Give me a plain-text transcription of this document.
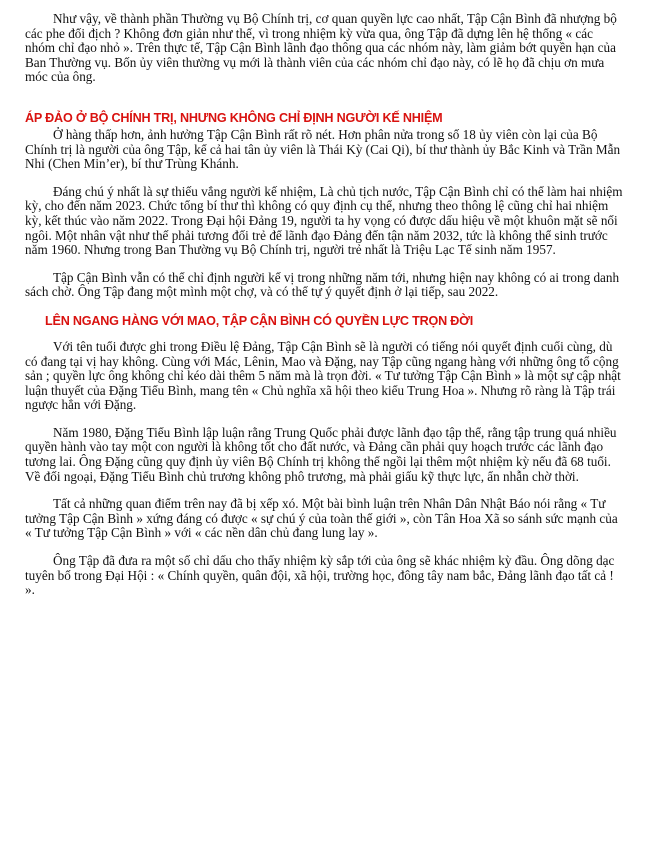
Như vậy, về thành phần Thường vụ Bộ Chính trị, cơ quan quyền lực cao nhất, Tập Cận Bình đã nhượng bộ các phe đối địch ? Không đơn giản như thế, vì trong nhiệm kỳ vừa qua, ông Tập đã dựng lên hệ thống « các nhóm chỉ đạo nhỏ ». Trên thực tế, Tập Cận Bình lãnh đạo thông qua các nhóm này, làm giảm bớt quyền hạn của Ban Thường vụ. Bốn ủy viên thường vụ mới là thành viên của các nhóm chỉ đạo này, có lẽ họ đã chịu ơn mưa móc của ông.

ÁP ĐẢO Ở BỘ CHÍNH TRỊ, NHƯNG KHÔNG CHỈ ĐỊNH NGƯỜI KẾ NHIỆM

Ở hàng thấp hơn, ảnh hưởng Tập Cận Bình rất rõ nét. Hơn phân nửa trong số 18 ủy viên còn lại của Bộ Chính trị là người của ông Tập, kể cả hai tân ủy viên là Thái Kỳ (Cai Qi), bí thư thành ủy Bắc Kinh và Trần Mẫn Nhi (Chen Min’er), bí thư Trùng Khánh.

Đáng chú ý nhất là sự thiếu vắng người kế nhiệm, Là chủ tịch nước, Tập Cận Bình chỉ có thể làm hai nhiệm kỳ, cho đến năm 2023. Chức tổng bí thư thì không có quy định cụ thể, nhưng theo thông lệ cũng chỉ hai nhiệm kỳ, kết thúc vào năm 2022. Trong Đại hội Đảng 19, người ta hy vọng có được dấu hiệu về một khuôn mặt sẽ nối ngôi. Một nhân vật như thế phải tương đối trẻ để lãnh đạo Đảng đến tận năm 2032, tức là không thể sinh trước năm 1960. Nhưng trong Ban Thường vụ Bộ Chính trị, người trẻ nhất là Triệu Lạc Tế sinh năm 1957.

Tập Cận Bình vẫn có thể chỉ định người kế vị trong những năm tới, nhưng hiện nay không có ai trong danh sách chờ. Ông Tập đang một mình một chợ, và có thể tự ý quyết định ở lại tiếp, sau 2022.

LÊN NGANG HÀNG VỚI MAO, TẬP CẬN BÌNH CÓ QUYỀN LỰC TRỌN ĐỜI

Với tên tuổi được ghi trong Điều lệ Đảng, Tập Cận Bình sẽ là người có tiếng nói quyết định cuối cùng, dù có đang tại vị hay không. Cùng với Mác, Lênin, Mao và Đặng, nay Tập cũng ngang hàng với những ông tổ cộng sản ; quyền lực ông không chỉ kéo dài thêm 5 năm mà là trọn đời. « Tư tưởng Tập Cận Bình » là một sự cập nhật luận thuyết của Đặng Tiểu Bình, mang tên « Chủ nghĩa xã hội theo kiểu Trung Hoa ». Nhưng rõ ràng là Tập trái ngược hẳn với Đặng.

Năm 1980, Đặng Tiểu Bình lập luận rằng Trung Quốc phải được lãnh đạo tập thể, rằng tập trung quá nhiều quyền hành vào tay một con người là không tốt cho đất nước, và Đảng cần phải quy hoạch trước các lãnh đạo tương lai. Ông Đặng cũng quy định ủy viên Bộ Chính trị không thể ngồi lại thêm một nhiệm kỳ nếu đã 68 tuổi. Về đối ngoại, Đặng Tiểu Bình chủ trương không phô trương, mà phải giấu kỹ thực lực, ẩn nhẫn chờ thời.

Tất cả những quan điểm trên nay đã bị xếp xó. Một bài bình luận trên Nhân Dân Nhật Báo nói rằng « Tư tưởng Tập Cận Bình » xứng đáng có được « sự chú ý của toàn thế giới », còn Tân Hoa Xã so sánh sức mạnh của « Tư tưởng Tập Cận Bình » với « các nền dân chủ đang lung lay ».

Ông Tập đã đưa ra một số chỉ dấu cho thấy nhiệm kỳ sắp tới của ông sẽ khác nhiệm kỳ đầu. Ông dõng dạc tuyên bố trong Đại Hội : « Chính quyền, quân đội, xã hội, trường học, đông tây nam bắc, Đảng lãnh đạo tất cả ! ».
